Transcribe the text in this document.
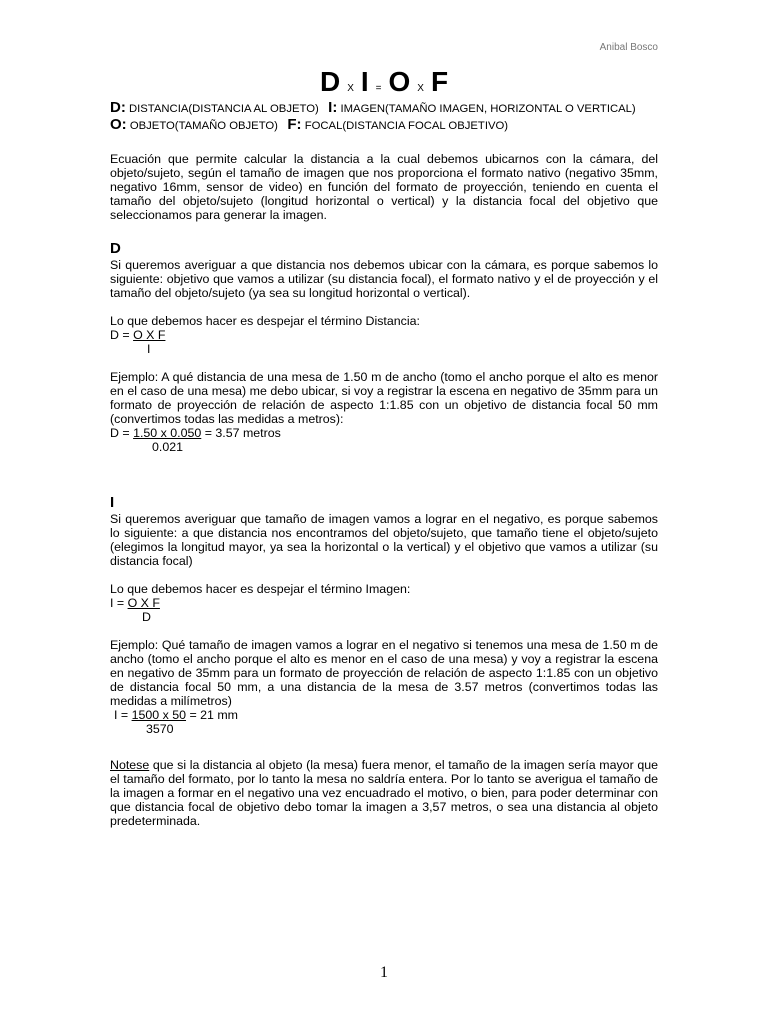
Anibal Bosco
D X I = O X F
D: DISTANCIA(DISTANCIA AL OBJETO) I: IMAGEN(TAMAÑO IMAGEN, HORIZONTAL O VERTICAL)
O: OBJETO(TAMAÑO OBJETO) F: FOCAL(DISTANCIA FOCAL OBJETIVO)

Ecuación que permite calcular la distancia a la cual debemos ubicarnos con la cámara, del objeto/sujeto, según el tamaño de imagen que nos proporciona el formato nativo (negativo 35mm, negativo 16mm, sensor de video) en función del formato de proyección, teniendo en cuenta el tamaño del objeto/sujeto (longitud horizontal o vertical) y la distancia focal del objetivo que seleccionamos para generar la imagen.

D

Si queremos averiguar a que distancia nos debemos ubicar con la cámara, es porque sabemos lo siguiente: objetivo que vamos a utilizar (su distancia focal), el formato nativo y el de proyección y el tamaño del objeto/sujeto (ya sea su longitud horizontal o vertical).

Lo que debemos hacer es despejar el término Distancia:

D = O X F
I

Ejemplo: A qué distancia de una mesa de 1.50 m de ancho (tomo el ancho porque el alto es menor en el caso de una mesa) me debo ubicar, si voy a registrar la escena en negativo de 35mm para un formato de proyección de relación de aspecto 1:1.85 con un objetivo de distancia focal 50 mm (convertimos todas las medidas a metros):

D = 1.50 x 0.050 = 3.57 metros
0.021
I

Si queremos averiguar que tamaño de imagen vamos a lograr en el negativo, es porque sabemos lo siguiente: a que distancia nos encontramos del objeto/sujeto, que tamaño tiene el objeto/sujeto (elegimos la longitud mayor, ya sea la horizontal o la vertical) y el objetivo que vamos a utilizar (su distancia focal)

Lo que debemos hacer es despejar el término Imagen:

I = O X F
D

Ejemplo: Qué tamaño de imagen vamos a lograr en el negativo si tenemos una mesa de 1.50 m de ancho (tomo el ancho porque el alto es menor en el caso de una mesa) y voy a registrar la escena en negativo de 35mm para un formato de proyección de relación de aspecto 1:1.85 con un objetivo de distancia focal 50 mm, a una distancia de la mesa de 3.57 metros (convertimos todas las medidas a milímetros)

I = 1500 x 50 = 21 mm
3570

Notese que si la distancia al objeto (la mesa) fuera menor, el tamaño de la imagen sería mayor que el tamaño del formato, por lo tanto la mesa no saldría entera. Por lo tanto se averigua el tamaño de la imagen a formar en el negativo una vez encuadrado el motivo, o bien, para poder determinar con que distancia focal de objetivo debo tomar la imagen a 3,57 metros, o sea una distancia al objeto predeterminada.

1
